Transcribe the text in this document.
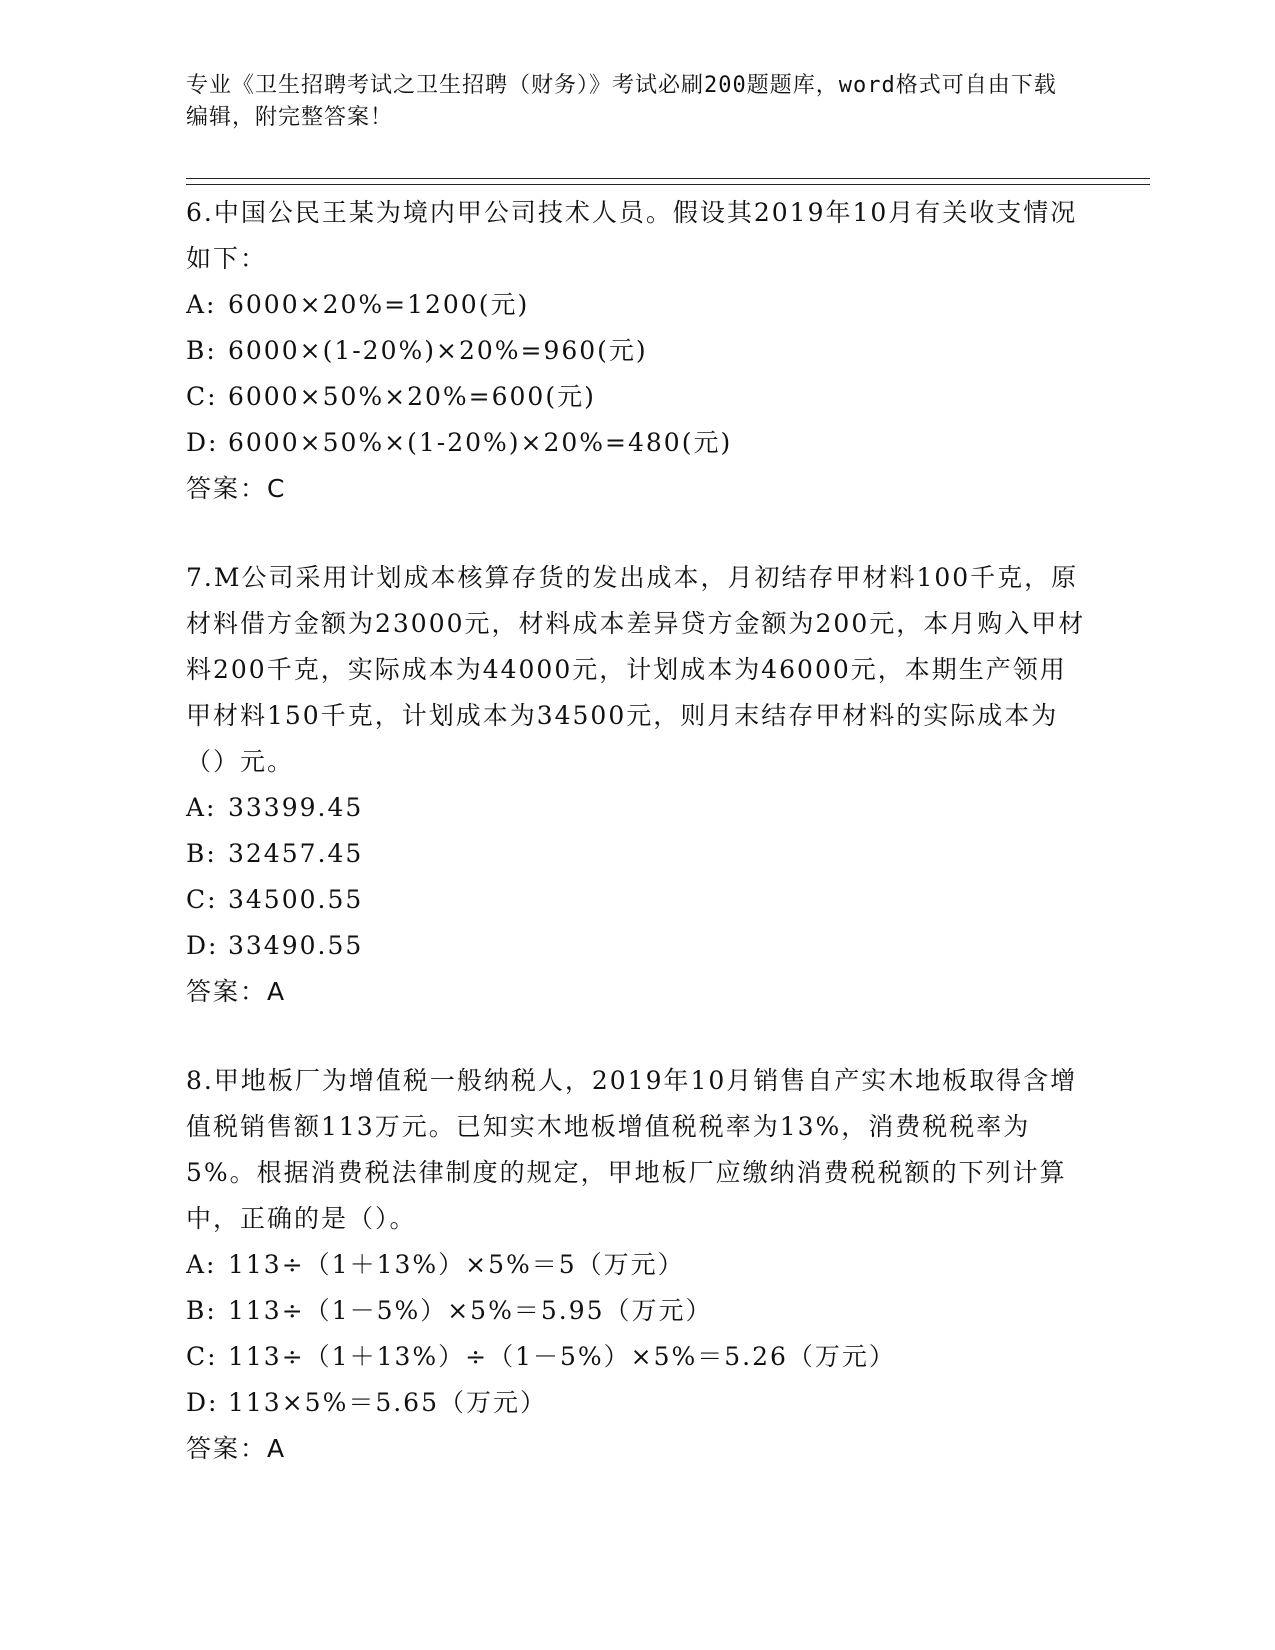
专业《卫生招聘考试之卫生招聘（财务）》考试必刷200题题库，word格式可自由下载编辑，附完整答案！
6.中国公民王某为境内甲公司技术人员。假设其2019年10月有关收支情况如下：
A: 6000×20%=1200(元)
B: 6000×(1-20%)×20%=960(元)
C: 6000×50%×20%=600(元)
D: 6000×50%×(1-20%)×20%=480(元)
答案：C
7.M公司采用计划成本核算存货的发出成本，月初结存甲材料100千克，原材料借方金额为23000元，材料成本差异贷方金额为200元，本月购入甲材料200千克，实际成本为44000元，计划成本为46000元，本期生产领用甲材料150千克，计划成本为34500元，则月末结存甲材料的实际成本为（）元。
A: 33399.45
B: 32457.45
C: 34500.55
D: 33490.55
答案：A
8.甲地板厂为增值税一般纳税人，2019年10月销售自产实木地板取得含增值税销售额113万元。已知实木地板增值税税率为13%，消费税税率为5%。根据消费税法律制度的规定，甲地板厂应缴纳消费税税额的下列计算中，正确的是（）。
A: 113÷（1＋13%）×5%＝5（万元）
B: 113÷（1－5%）×5%＝5.95（万元）
C: 113÷（1＋13%）÷（1－5%）×5%＝5.26（万元）
D: 113×5%＝5.65（万元）
答案：A
